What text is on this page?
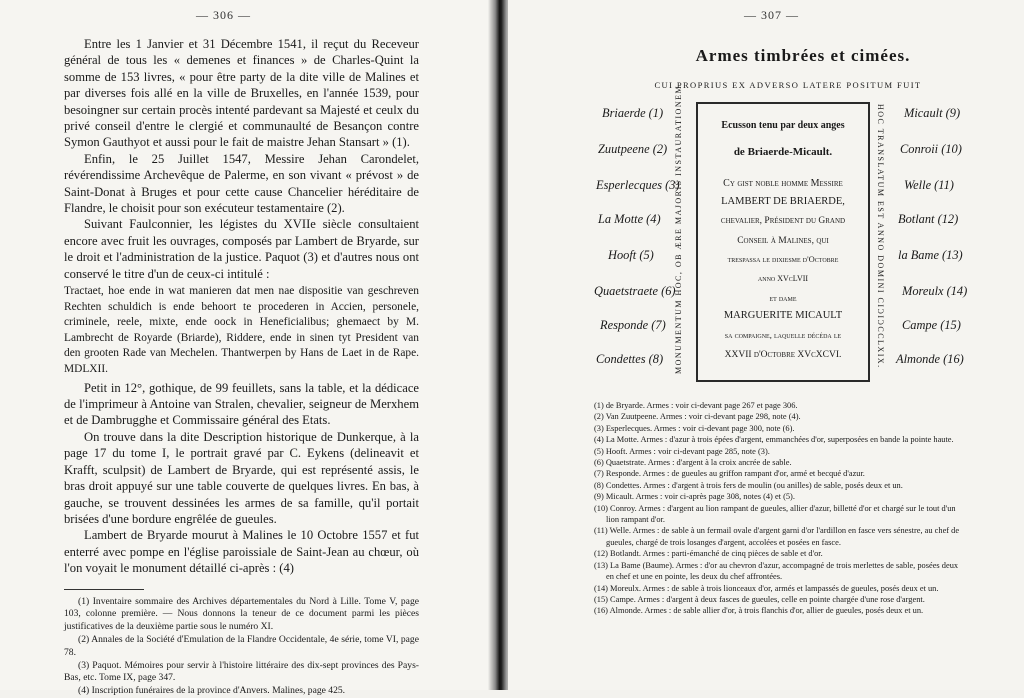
— 306 —

Entre les 1 Janvier et 31 Décembre 1541, il reçut du Receveur général de tous les « demenes et finances » de Charles-Quint la somme de 153 livres, « pour être party de la dite ville de Malines et par diverses fois allé en la ville de Bruxelles, en l'année 1539, pour besoingner sur certain procès intenté pardevant sa Majesté et ceulx du privé conseil d'entre le clergié et communaulté de Besançon contre Symon Gauthyot et aussi pour le fait de maistre Jehan Stansart » (1).

Enfin, le 25 Juillet 1547, Messire Jehan Carondelet, révérendissime Archevêque de Palerme, en son vivant « prévost » de Saint-Donat à Bruges et pour cette cause Chancelier héréditaire de Flandre, le choisit pour son exécuteur testamentaire (2).

Suivant Faulconnier, les légistes du XVIIe siècle consultaient encore avec fruit les ouvrages, composés par Lambert de Bryarde, sur le droit et l'administration de la justice. Paquot (3) et d'autres nous ont conservé le titre d'un de ceux-ci intitulé :

Tractaet, hoe ende in wat manieren dat men nae dispositie van geschreven Rechten schuldich is ende behoort te procederen in Accien, personele, criminele, reele, mixte, ende oock in Heneficialibus; ghemaect by M. Lambrecht de Royarde (Briarde), Riddere, ende in sinen tyt President van den grooten Rade van Mechelen. Thantwerpen by Hans de Laet in de Rape. MDLXII.

Petit in 12°, gothique, de 99 feuillets, sans la table, et la dédicace de l'imprimeur à Antoine van Stralen, chevalier, seigneur de Merxhem et de Dambrugghe et Commissaire général des Etats.

On trouve dans la dite Description historique de Dunkerque, à la page 17 du tome I, le portrait gravé par C. Eykens (delineavit et Krafft, sculpsit) de Lambert de Bryarde, qui est représenté assis, le bras droit appuyé sur une table couverte de quelques livres. En bas, à gauche, se trouvent dessinées les armes de sa famille, qu'il portait brisées d'une bordure engrêlée de gueules.

Lambert de Bryarde mourut à Malines le 10 Octobre 1557 et fut enterré avec pompe en l'église paroissiale de Saint-Jean au chœur, où l'on voyait le monument détaillé ci-après : (4)

(1) Inventaire sommaire des Archives départementales du Nord à Lille. Tome V, page 103, colonne première. — Nous donnons la teneur de ce document parmi les pièces justificatives de la deuxième partie sous le numéro XI.
(2) Annales de la Société d'Emulation de la Flandre Occidentale, 4e série, tome VI, page 78.
(3) Paquot. Mémoires pour servir à l'histoire littéraire des dix-sept provinces des Pays-Bas, etc. Tome IX, page 347.
(4) Inscription funéraires de la province d'Anvers. Malines, page 425.
— 307 —
Armes timbrées et cimées.
CUI PROPRIUS EX ADVERSO LATERE POSITUM FUIT
MONUMENTUM HOC, OB ÆRE MAJORIS INSTAURATIONEM	HOC TRANSLATUM EST ANNO DOMINI CIƆIƆCCLXIX.
Briaerde (1)
Zuutpeene (2)
Esperlecques (3)
La Motte (4)
Hooft (5)
Quaetstraete (6)
Responde (7)
Condettes (8)
Micault (9)
Conroii (10)
Welle (11)
Botlant (12)
la Bame (13)
Moreulx (14)
Campe (15)
Almonde (16)
Ecusson tenu par deux anges
de Briaerde-Micault.
Cy gist noble homme Messire
LAMBERT DE BRIAERDE,
chevalier, Président du Grand
Conseil à Malines, qui
trespassa le dixiesme d'Octobre
anno XVcLVII
et dame
MARGUERITE MICAULT
sa compaigne, laquelle décéda le
XXVII d'Octobre XVcXCVI.
(1) de Bryarde. Armes : voir ci-devant page 267 et page 306.
(2) Van Zuutpeene. Armes : voir ci-devant page 298, note (4).
(3) Esperlecques. Armes : voir ci-devant page 300, note (6).
(4) La Motte. Armes : d'azur à trois épées d'argent, emmanchées d'or, superposées en bande la pointe haute.
(5) Hooft. Armes : voir ci-devant page 285, note (3).
(6) Quaetstrate. Armes : d'argent à la croix ancrée de sable.
(7) Responde. Armes : de gueules au griffon rampant d'or, armé et becqué d'azur.
(8) Condettes. Armes : d'argent à trois fers de moulin (ou anilles) de sable, posés deux et un.
(9) Micault. Armes : voir ci-après page 308, notes (4) et (5).
(10) Conroy. Armes : d'argent au lion rampant de gueules, allier d'azur, billetté d'or et chargé sur le tout d'un lion rampant d'or.
(11) Welle. Armes : de sable à un fermail ovale d'argent garni d'or l'ardillon en fasce vers sénestre, au chef de gueules, chargé de trois losanges d'argent, accolées et posées en fasce.
(12) Botlandt. Armes : parti-émanché de cinq pièces de sable et d'or.
(13) La Bame (Baume). Armes : d'or au chevron d'azur, accompagné de trois merlettes de sable, posées deux en chef et une en pointe, les deux du chef affrontées.
(14) Moreulx. Armes : de sable à trois lionceaux d'or, armés et lampassés de gueules, posés deux et un.
(15) Campe. Armes : d'argent à deux fasces de gueules, celle en pointe chargée d'une rose d'argent.
(16) Almonde. Armes : de sable allier d'or, à trois flanchis d'or, allier de gueules, posés deux et un.
